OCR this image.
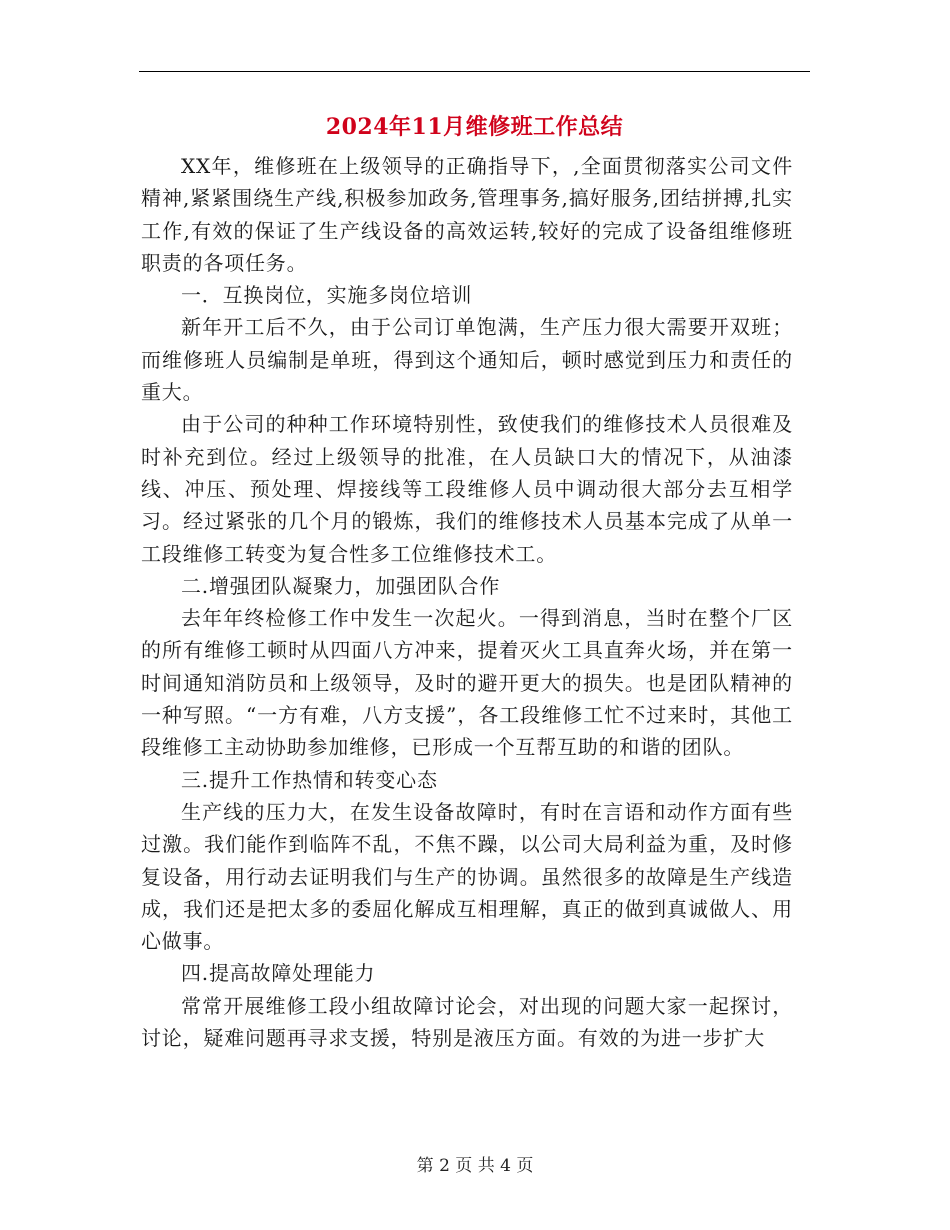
2024年11月维修班工作总结

XX年，维修班在上级领导的正确指导下，,全面贯彻落实公司文件精神,紧紧围绕生产线,积极参加政务,管理事务,搞好服务,团结拼搏,扎实工作,有效的保证了生产线设备的高效运转,较好的完成了设备组维修班职责的各项任务。

一．互换岗位，实施多岗位培训

新年开工后不久，由于公司订单饱满，生产压力很大需要开双班；而维修班人员编制是单班，得到这个通知后，顿时感觉到压力和责任的重大。

由于公司的种种工作环境特别性，致使我们的维修技术人员很难及时补充到位。经过上级领导的批准，在人员缺口大的情况下，从油漆线、冲压、预处理、焊接线等工段维修人员中调动很大部分去互相学习。经过紧张的几个月的锻炼，我们的维修技术人员基本完成了从单一工段维修工转变为复合性多工位维修技术工。

二.增强团队凝聚力，加强团队合作

去年年终检修工作中发生一次起火。一得到消息，当时在整个厂区的所有维修工顿时从四面八方冲来，提着灭火工具直奔火场，并在第一时间通知消防员和上级领导，及时的避开更大的损失。也是团队精神的一种写照。“一方有难，八方支援”，各工段维修工忙不过来时，其他工段维修工主动协助参加维修，已形成一个互帮互助的和谐的团队。

三.提升工作热情和转变心态

生产线的压力大，在发生设备故障时，有时在言语和动作方面有些过激。我们能作到临阵不乱，不焦不躁，以公司大局利益为重，及时修复设备，用行动去证明我们与生产的协调。虽然很多的故障是生产线造成，我们还是把太多的委屈化解成互相理解，真正的做到真诚做人、用心做事。

四.提高故障处理能力

常常开展维修工段小组故障讨论会，对出现的问题大家一起探讨，讨论，疑难问题再寻求支援，特别是液压方面。有效的为进一步扩大

第 2 页 共 4 页
